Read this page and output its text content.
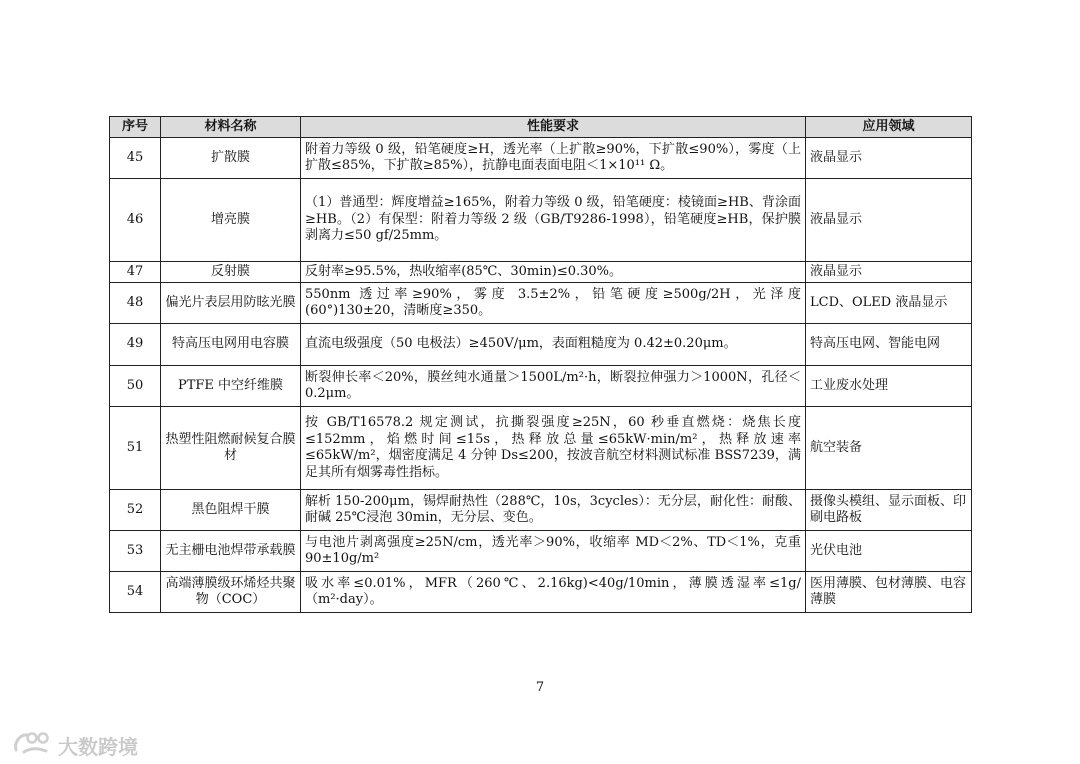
序号	材料名称	性能要求	应用领域
45	扩散膜	附着力等级 0 级，铅笔硬度≥H，透光率（上扩散≥90%，下扩散≤90%），雾度（上扩散≤85%，下扩散≥85%），抗静电面表面电阻＜1×10¹¹ Ω。	液晶显示
46	增亮膜	（1）普通型：辉度增益≥165%，附着力等级 0 级，铅笔硬度：棱镜面≥HB、背涂面≥HB。（2）有保型：附着力等级 2 级（GB/T9286-1998），铅笔硬度≥HB，保护膜剥离力≤50 gf/25mm。	液晶显示
47	反射膜	反射率≥95.5%，热收缩率(85℃、30min)≤0.30%。	液晶显示
48	偏光片表层用防眩光膜	550nm 透过率≥90%，雾度 3.5±2%，铅笔硬度≥500g/2H，光泽度(60°)130±20，清晰度≥350。	LCD、OLED 液晶显示
49	特高压电网用电容膜	直流电级强度（50 电极法）≥450V/μm，表面粗糙度为 0.42±0.20μm。	特高压电网、智能电网
50	PTFE 中空纤维膜	断裂伸长率＜20%，膜丝纯水通量＞1500L/m²·h，断裂拉伸强力＞1000N，孔径＜0.2μm。	工业废水处理
51	热塑性阻燃耐候复合膜材	按 GB/T16578.2 规定测试，抗撕裂强度≥25N，60 秒垂直燃烧：烧焦长度≤152mm，焰燃时间≤15s，热释放总量≤65kW·min/m²，热释放速率≤65kW/m²，烟密度满足 4 分钟 Ds≤200，按波音航空材料测试标准 BSS7239，满足其所有烟雾毒性指标。	航空装备
52	黑色阻焊干膜	解析 150-200μm，锡焊耐热性（288℃，10s，3cycles）：无分层，耐化性：耐酸、耐碱 25℃浸泡 30min，无分层、变色。	摄像头模组、显示面板、印刷电路板
53	无主栅电池焊带承载膜	与电池片剥离强度≥25N/cm，透光率＞90%，收缩率 MD＜2%、TD＜1%，克重 90±10g/m²	光伏电池
54	高端薄膜级环烯烃共聚物（COC）	吸水率≤0.01%，MFR（260℃、2.16kg)<40g/10min，薄膜透湿率≤1g/（m²·day）。	医用薄膜、包材薄膜、电容薄膜
7
大数跨境
